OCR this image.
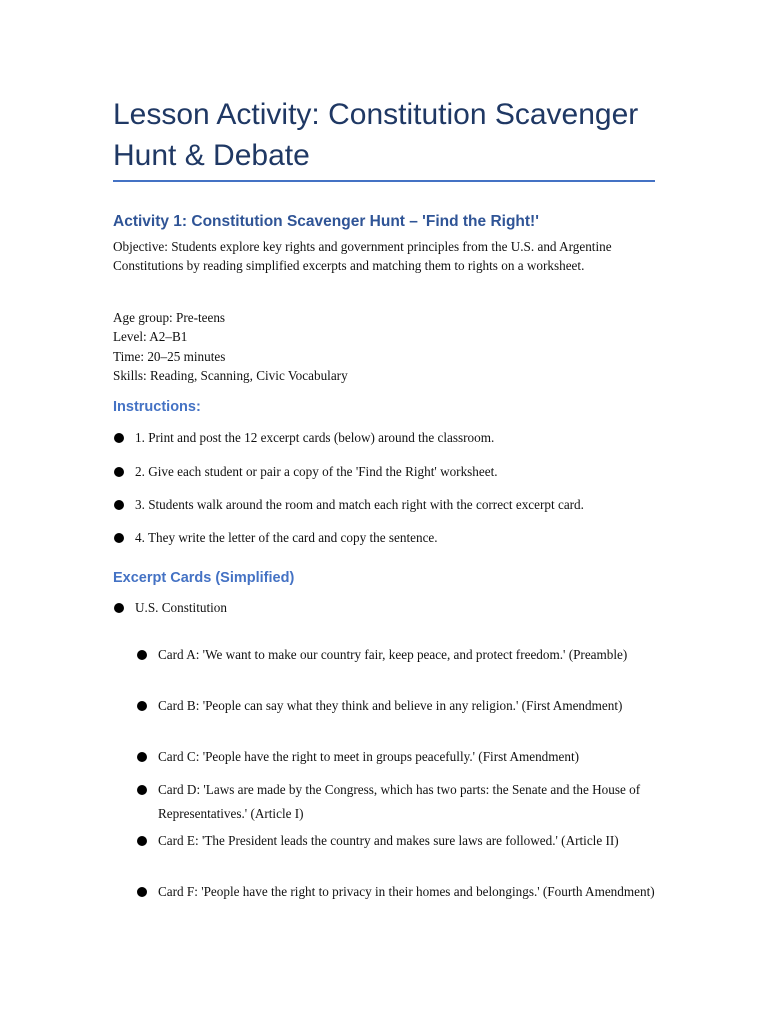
Lesson Activity: Constitution Scavenger Hunt & Debate
Activity 1: Constitution Scavenger Hunt – 'Find the Right!'

Objective: Students explore key rights and government principles from the U.S. and Argentine Constitutions by reading simplified excerpts and matching them to rights on a worksheet.

Age group: Pre-teens
Level: A2–B1
Time: 20–25 minutes
Skills: Reading, Scanning, Civic Vocabulary

Instructions:
1. Print and post the 12 excerpt cards (below) around the classroom.
2. Give each student or pair a copy of the 'Find the Right' worksheet.
3. Students walk around the room and match each right with the correct excerpt card.
4. They write the letter of the card and copy the sentence.
Excerpt Cards (Simplified)
U.S. Constitution
Card A: 'We want to make our country fair, keep peace, and protect freedom.' (Preamble)
Card B: 'People can say what they think and believe in any religion.' (First Amendment)
Card C: 'People have the right to meet in groups peacefully.' (First Amendment)
Card D: 'Laws are made by the Congress, which has two parts: the Senate and the House of Representatives.' (Article I)
Card E: 'The President leads the country and makes sure laws are followed.' (Article II)
Card F: 'People have the right to privacy in their homes and belongings.' (Fourth Amendment)
